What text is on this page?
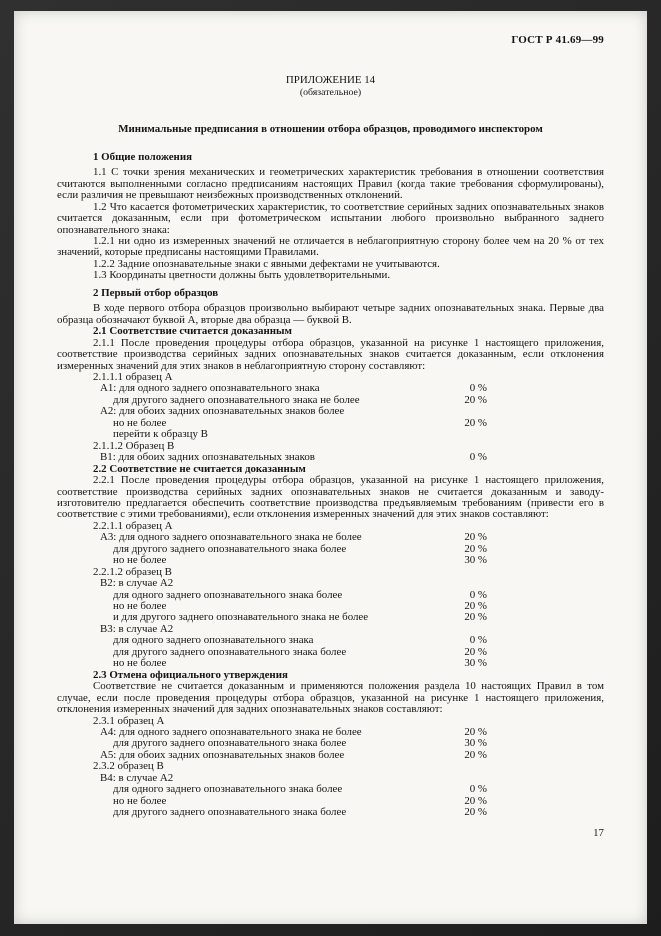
ГОСТ Р 41.69—99
ПРИЛОЖЕНИЕ 14
(обязательное)
Минимальные предписания в отношении отбора образцов, проводимого инспектором
1 Общие положения
1.1 С точки зрения механических и геометрических характеристик требования в отношении соответствия считаются выполненными согласно предписаниям настоящих Правил (когда такие требования сформулированы), если различия не превышают неизбежных производственных отклонений.
1.2 Что касается фотометрических характеристик, то соответствие серийных задних опознавательных знаков считается доказанным, если при фотометрическом испытании любого произвольно выбранного заднего опознавательного знака:
1.2.1 ни одно из измеренных значений не отличается в неблагоприятную сторону более чем на 20 % от тех значений, которые предписаны настоящими Правилами.
1.2.2 Задние опознавательные знаки с явными дефектами не учитываются.
1.3 Координаты цветности должны быть удовлетворительными.
2 Первый отбор образцов
В ходе первого отбора образцов произвольно выбирают четыре задних опознавательных знака. Первые два образца обозначают буквой А, вторые два образца — буквой В.
2.1 Соответствие считается доказанным
2.1.1 После проведения процедуры отбора образцов, указанной на рисунке 1 настоящего приложения, соответствие производства серийных задних опознавательных знаков считается доказанным, если отклонения измеренных значений для этих знаков в неблагоприятную сторону составляют:
2.1.1.1 образец А
А1: для одного заднего опознавательного знака	0 %
для другого заднего опознавательного знака не более	20 %
А2: для обоих задних опознавательных знаков более
но не более	20 %
перейти к образцу В
2.1.1.2 Образец В
В1: для обоих задних опознавательных знаков	0 %
2.2 Соответствие не считается доказанным
2.2.1 После проведения процедуры отбора образцов, указанной на рисунке 1 настоящего приложения, соответствие производства серийных задних опознавательных знаков не считается доказанным и заводу-изготовителю предлагается обеспечить соответствие производства предъявляемым требованиям (привести его в соответствие с этими требованиями), если отклонения измеренных значений для этих знаков составляют:
2.2.1.1 образец А
А3: для одного заднего опознавательного знака не более	20 %
для другого заднего опознавательного знака более	20 %
но не более	30 %
2.2.1.2 образец В
В2: в случае А2
для одного заднего опознавательного знака более	0 %
но не более	20 %
и для другого заднего опознавательного знака не более	20 %
В3: в случае А2
для одного заднего опознавательного знака	0 %
для другого заднего опознавательного знака более	20 %
но не более	30 %
2.3 Отмена официального утверждения
Соответствие не считается доказанным и применяются положения раздела 10 настоящих Правил в том случае, если после проведения процедуры отбора образцов, указанной на рисунке 1 настоящего приложения, отклонения измеренных значений для задних опознавательных знаков составляют:
2.3.1 образец А
А4: для одного заднего опознавательного знака не более	20 %
для другого заднего опознавательного знака более	30 %
А5: для обоих задних опознавательных знаков более	20 %
2.3.2 образец В
В4: в случае А2
для одного заднего опознавательного знака более	0 %
но не более	20 %
для другого заднего опознавательного знака более	20 %
17
